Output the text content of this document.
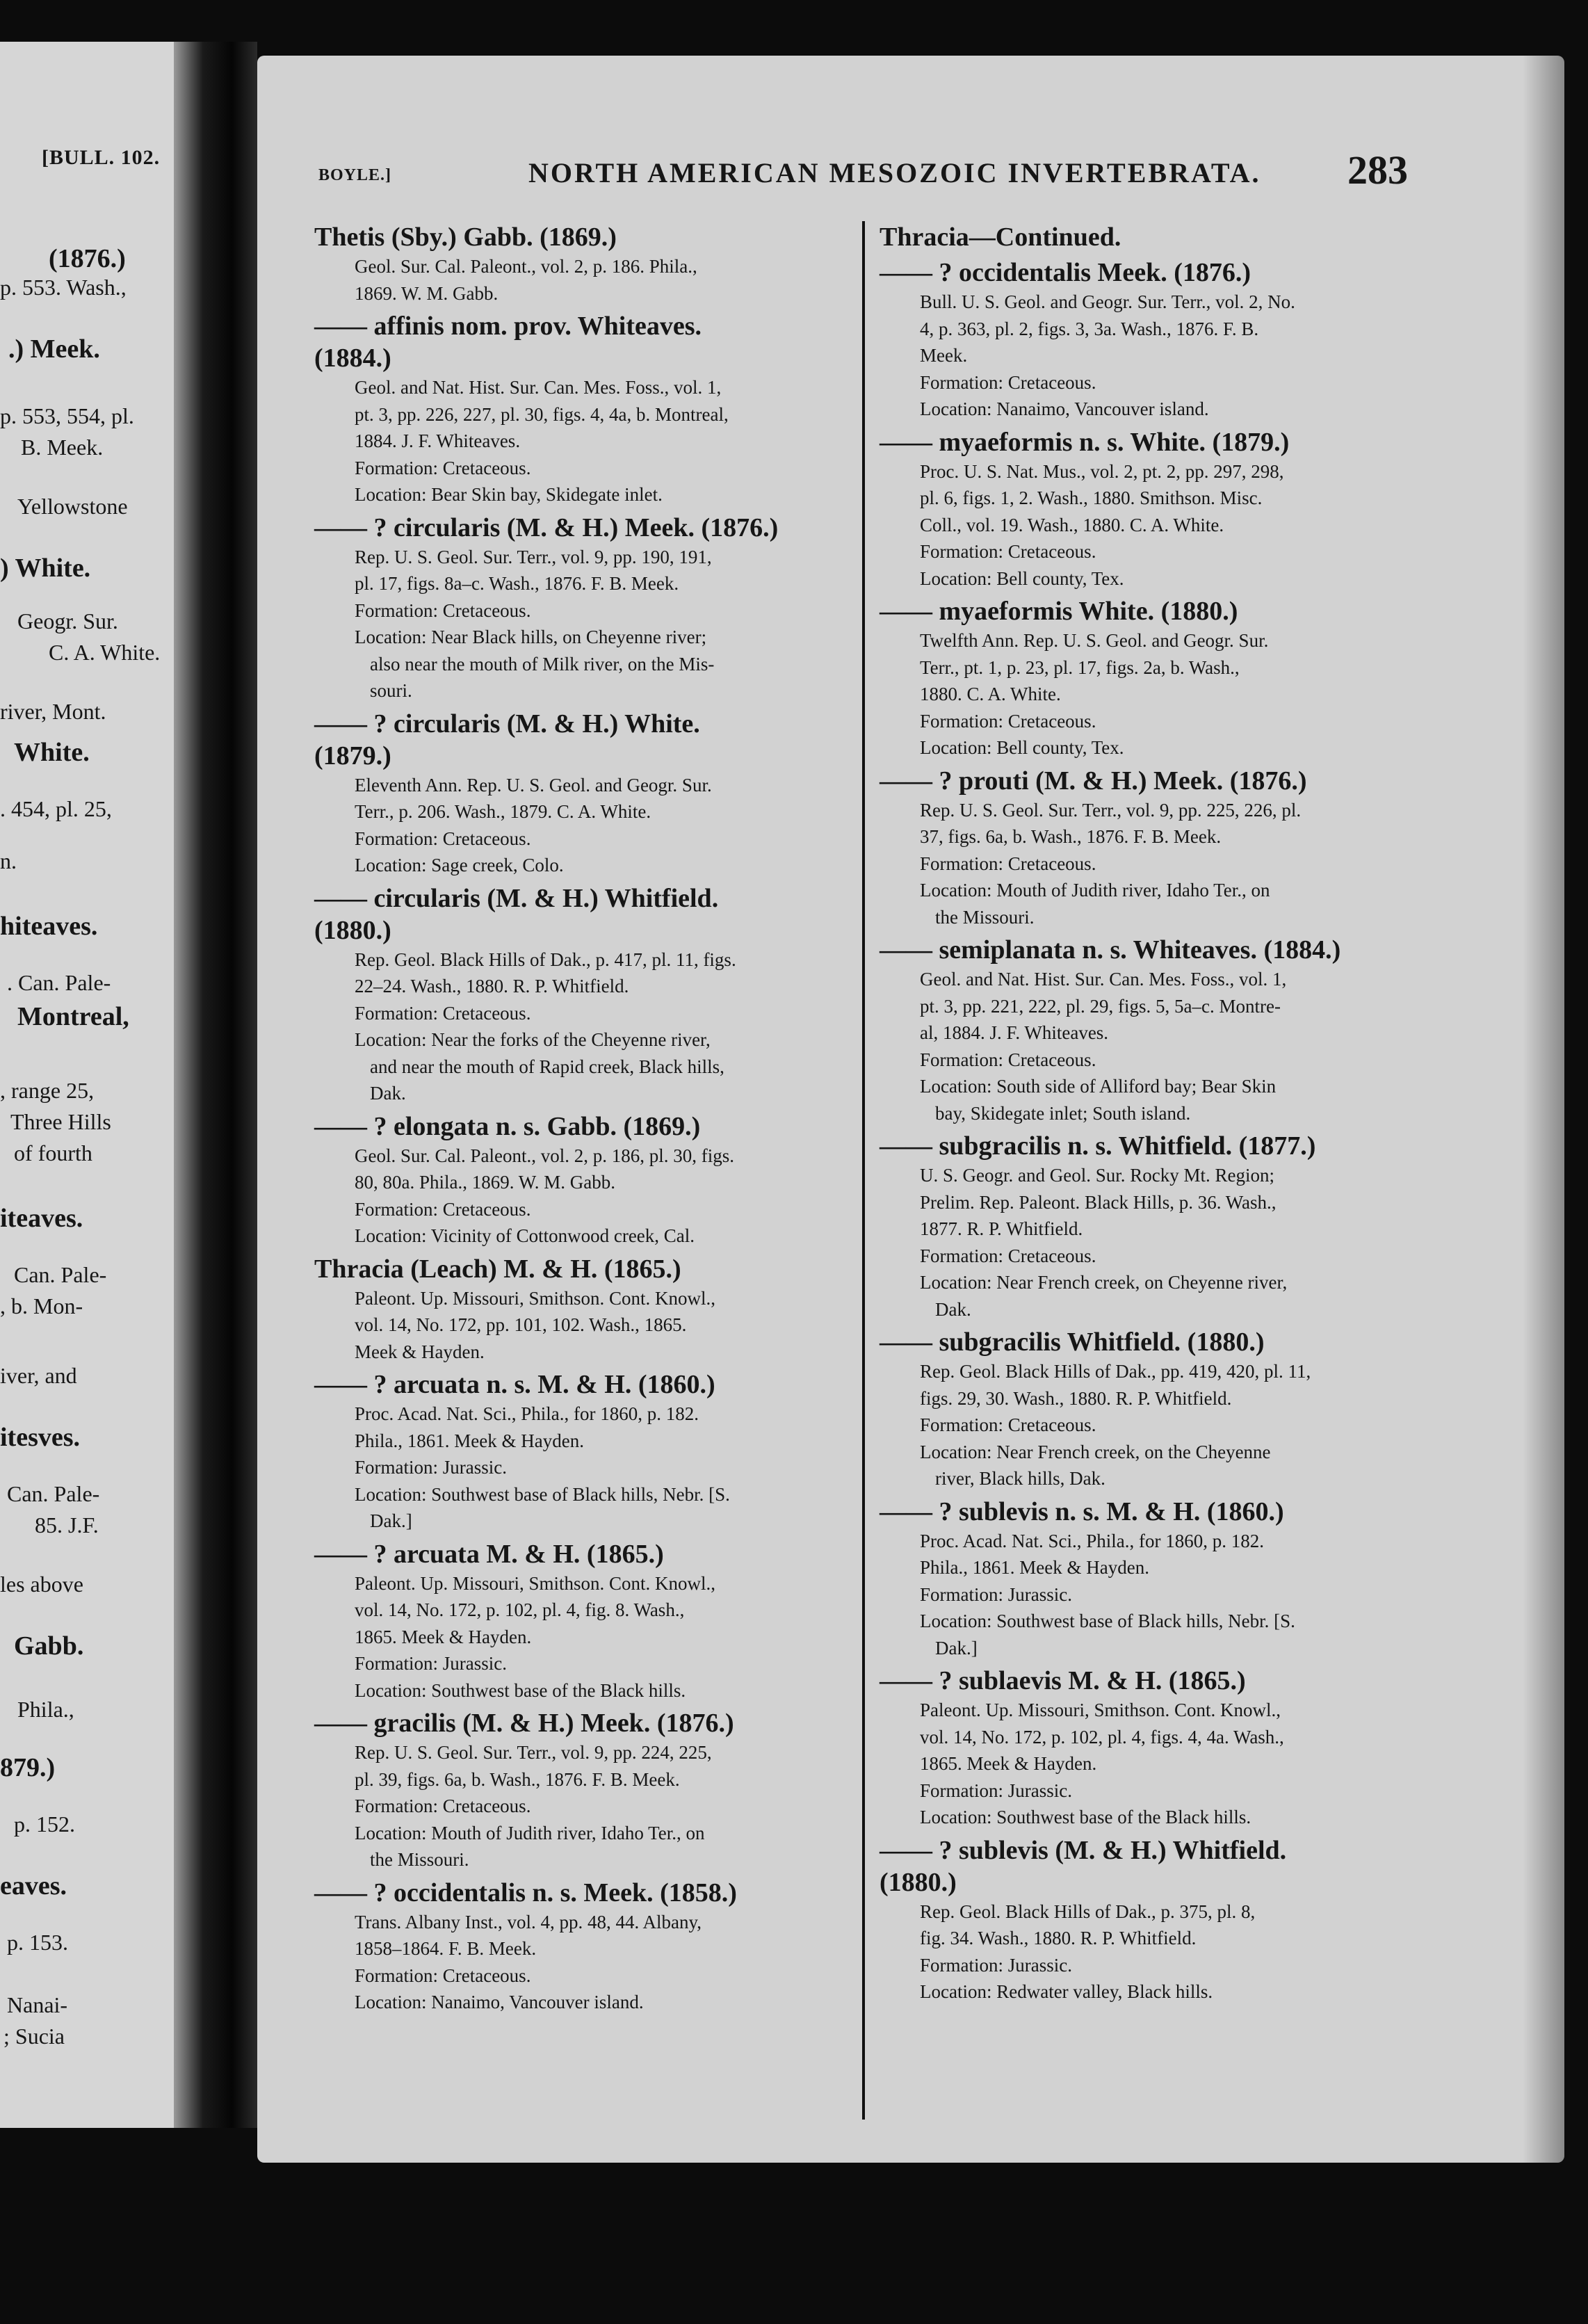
[BULL. 102.
(1876.)
p. 553. Wash.,
.) Meek.
p. 553, 554, pl.
B. Meek.
Yellowstone
) White.
Geogr. Sur.
C. A. White.
river, Mont.
White.
. 454, pl. 25,
n.
hiteaves.
. Can. Pale-
Montreal,
, range 25,
Three Hills
of fourth
iteaves.
Can. Pale-
, b. Mon-
iver, and
itesves.
Can. Pale-
85. J.F.
les above
Gabb.
Phila.,
879.)
p. 152.
eaves.
p. 153.
Nanai-
; Sucia
BOYLE.]	NORTH AMERICAN MESOZOIC INVERTEBRATA. 283
Thetis (Sby.) Gabb. (1869.)
Geol. Sur. Cal. Paleont., vol. 2, p. 186. Phila.,
1869. W. M. Gabb.
—— affinis nom. prov. Whiteaves.
(1884.)
Geol. and Nat. Hist. Sur. Can. Mes. Foss., vol. 1,
pt. 3, pp. 226, 227, pl. 30, figs. 4, 4a, b. Montreal,
1884. J. F. Whiteaves.
Formation: Cretaceous.
Location: Bear Skin bay, Skidegate inlet.
—— ? circularis (M. & H.) Meek. (1876.)
Rep. U. S. Geol. Sur. Terr., vol. 9, pp. 190, 191,
pl. 17, figs. 8a–c. Wash., 1876. F. B. Meek.
Formation: Cretaceous.
Location: Near Black hills, on Cheyenne river;
also near the mouth of Milk river, on the Mis-
souri.
—— ? circularis (M. & H.) White.
(1879.)
Eleventh Ann. Rep. U. S. Geol. and Geogr. Sur.
Terr., p. 206. Wash., 1879. C. A. White.
Formation: Cretaceous.
Location: Sage creek, Colo.
—— circularis (M. & H.) Whitfield.
(1880.)
Rep. Geol. Black Hills of Dak., p. 417, pl. 11, figs.
22–24. Wash., 1880. R. P. Whitfield.
Formation: Cretaceous.
Location: Near the forks of the Cheyenne river,
and near the mouth of Rapid creek, Black hills,
Dak.
—— ? elongata n. s. Gabb. (1869.)
Geol. Sur. Cal. Paleont., vol. 2, p. 186, pl. 30, figs.
80, 80a. Phila., 1869. W. M. Gabb.
Formation: Cretaceous.
Location: Vicinity of Cottonwood creek, Cal.
Thracia (Leach) M. & H. (1865.)
Paleont. Up. Missouri, Smithson. Cont. Knowl.,
vol. 14, No. 172, pp. 101, 102. Wash., 1865.
Meek & Hayden.
—— ? arcuata n. s. M. & H. (1860.)
Proc. Acad. Nat. Sci., Phila., for 1860, p. 182.
Phila., 1861. Meek & Hayden.
Formation: Jurassic.
Location: Southwest base of Black hills, Nebr. [S.
Dak.]
—— ? arcuata M. & H. (1865.)
Paleont. Up. Missouri, Smithson. Cont. Knowl.,
vol. 14, No. 172, p. 102, pl. 4, fig. 8. Wash.,
1865. Meek & Hayden.
Formation: Jurassic.
Location: Southwest base of the Black hills.
—— gracilis (M. & H.) Meek. (1876.)
Rep. U. S. Geol. Sur. Terr., vol. 9, pp. 224, 225,
pl. 39, figs. 6a, b. Wash., 1876. F. B. Meek.
Formation: Cretaceous.
Location: Mouth of Judith river, Idaho Ter., on
the Missouri.
—— ? occidentalis n. s. Meek. (1858.)
Trans. Albany Inst., vol. 4, pp. 48, 44. Albany,
1858–1864. F. B. Meek.
Formation: Cretaceous.
Location: Nanaimo, Vancouver island.
Thracia—Continued.
—— ? occidentalis Meek. (1876.)
Bull. U. S. Geol. and Geogr. Sur. Terr., vol. 2, No.
4, p. 363, pl. 2, figs. 3, 3a. Wash., 1876. F. B.
Meek.
Formation: Cretaceous.
Location: Nanaimo, Vancouver island.
—— myaeformis n. s. White. (1879.)
Proc. U. S. Nat. Mus., vol. 2, pt. 2, pp. 297, 298,
pl. 6, figs. 1, 2. Wash., 1880. Smithson. Misc.
Coll., vol. 19. Wash., 1880. C. A. White.
Formation: Cretaceous.
Location: Bell county, Tex.
—— myaeformis White. (1880.)
Twelfth Ann. Rep. U. S. Geol. and Geogr. Sur.
Terr., pt. 1, p. 23, pl. 17, figs. 2a, b. Wash.,
1880. C. A. White.
Formation: Cretaceous.
Location: Bell county, Tex.
—— ? prouti (M. & H.) Meek. (1876.)
Rep. U. S. Geol. Sur. Terr., vol. 9, pp. 225, 226, pl.
37, figs. 6a, b. Wash., 1876. F. B. Meek.
Formation: Cretaceous.
Location: Mouth of Judith river, Idaho Ter., on
the Missouri.
—— semiplanata n. s. Whiteaves. (1884.)
Geol. and Nat. Hist. Sur. Can. Mes. Foss., vol. 1,
pt. 3, pp. 221, 222, pl. 29, figs. 5, 5a–c. Montre-
al, 1884. J. F. Whiteaves.
Formation: Cretaceous.
Location: South side of Alliford bay; Bear Skin
bay, Skidegate inlet; South island.
—— subgracilis n. s. Whitfield. (1877.)
U. S. Geogr. and Geol. Sur. Rocky Mt. Region;
Prelim. Rep. Paleont. Black Hills, p. 36. Wash.,
1877. R. P. Whitfield.
Formation: Cretaceous.
Location: Near French creek, on Cheyenne river,
Dak.
—— subgracilis Whitfield. (1880.)
Rep. Geol. Black Hills of Dak., pp. 419, 420, pl. 11,
figs. 29, 30. Wash., 1880. R. P. Whitfield.
Formation: Cretaceous.
Location: Near French creek, on the Cheyenne
river, Black hills, Dak.
—— ? sublevis n. s. M. & H. (1860.)
Proc. Acad. Nat. Sci., Phila., for 1860, p. 182.
Phila., 1861. Meek & Hayden.
Formation: Jurassic.
Location: Southwest base of Black hills, Nebr. [S.
Dak.]
—— ? sublaevis M. & H. (1865.)
Paleont. Up. Missouri, Smithson. Cont. Knowl.,
vol. 14, No. 172, p. 102, pl. 4, figs. 4, 4a. Wash.,
1865. Meek & Hayden.
Formation: Jurassic.
Location: Southwest base of the Black hills.
—— ? sublevis (M. & H.) Whitfield.
(1880.)
Rep. Geol. Black Hills of Dak., p. 375, pl. 8,
fig. 34. Wash., 1880. R. P. Whitfield.
Formation: Jurassic.
Location: Redwater valley, Black hills.
